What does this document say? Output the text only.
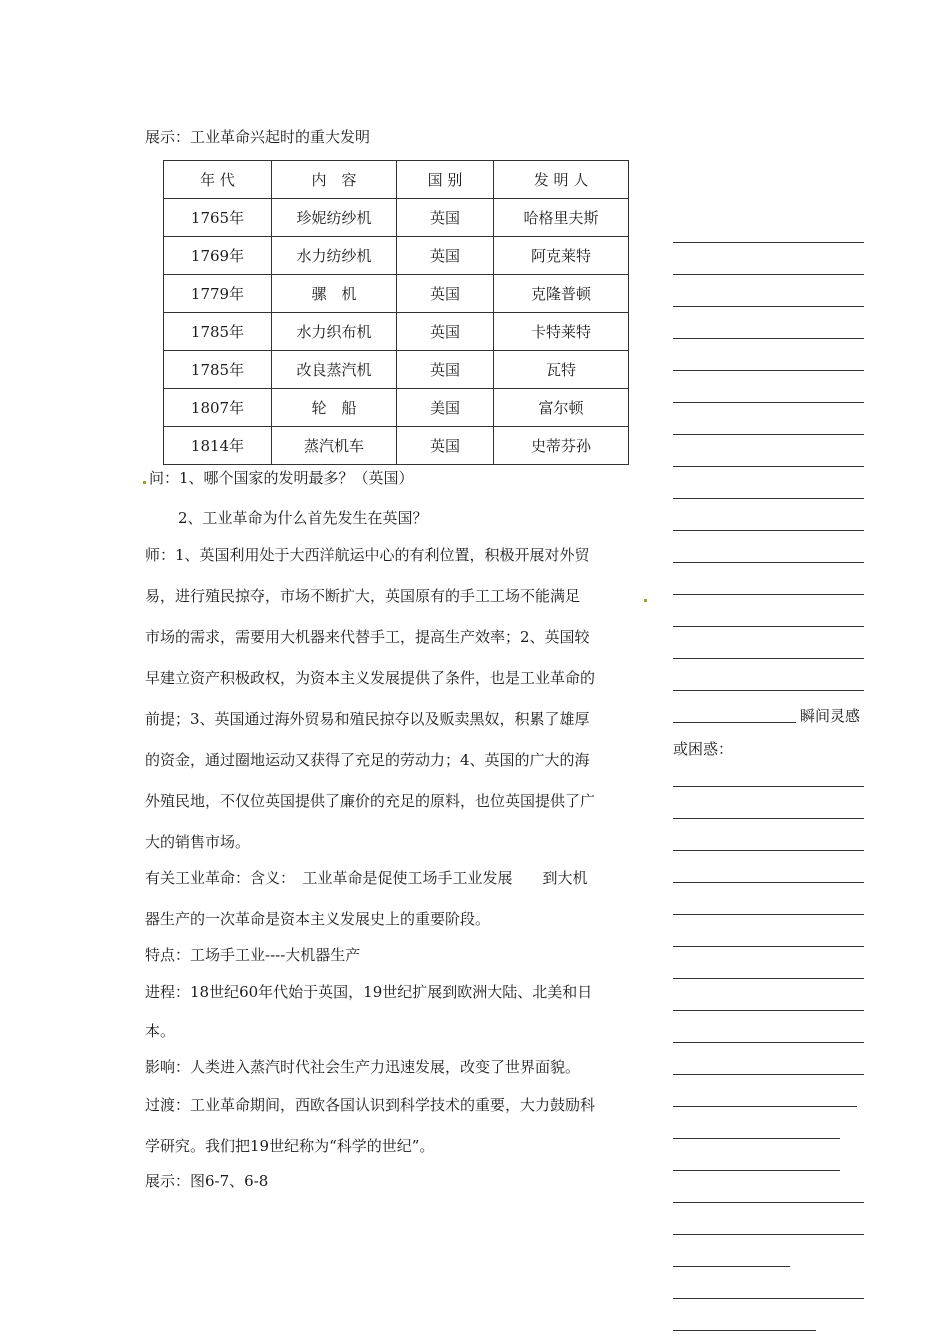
展示：工业革命兴起时的重大发明
年 代	内　容	国 别	发 明 人
1765年	珍妮纺纱机	英国	哈格里夫斯
1769年	水力纺纱机	英国	阿克莱特
1779年	骡　机	英国	克隆普顿
1785年	水力织布机	英国	卡特莱特
1785年	改良蒸汽机	英国	瓦特
1807年	轮　船	美国	富尔顿
1814年	蒸汽机车	英国	史蒂芬孙
问：1、哪个国家的发明最多？（英国）
2、工业革命为什么首先发生在英国？
师：1、英国利用处于大西洋航运中心的有利位置，积极开展对外贸
易，进行殖民掠夺，市场不断扩大，英国原有的手工工场不能满足
市场的需求，需要用大机器来代替手工，提高生产效率；2、英国较
早建立资产积极政权，为资本主义发展提供了条件，也是工业革命的
前提；3、英国通过海外贸易和殖民掠夺以及贩卖黑奴，积累了雄厚
的资金，通过圈地运动又获得了充足的劳动力；4、英国的广大的海
外殖民地，不仅位英国提供了廉价的充足的原料，也位英国提供了广
大的销售市场。
有关工业革命：含义：　工业革命是促使工场手工业发展　　到大机
器生产的一次革命是资本主义发展史上的重要阶段。
特点：工场手工业----大机器生产
进程：18世纪60年代始于英国，19世纪扩展到欧洲大陆、北美和日
本。
影响：人类进入蒸汽时代社会生产力迅速发展，改变了世界面貌。
过渡：工业革命期间，西欧各国认识到科学技术的重要，大力鼓励科
学研究。我们把19世纪称为“科学的世纪”。
展示：图6-7、6-8
瞬间灵感
或困惑：
